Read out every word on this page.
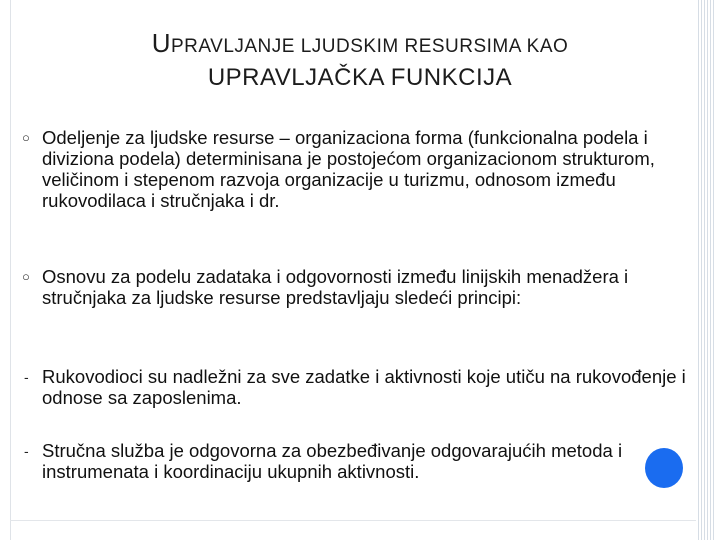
UPRAVLJANJE LJUDSKIM RESURSIMA KAO
UPRAVLJAČKA FUNKCIJA
○ Odeljenje za ljudske resurse – organizaciona forma (funkcionalna podela i diviziona podela) determinisana je postojećom organizacionom strukturom, veličinom i stepenom razvoja organizacije u turizmu, odnosom između rukovodilaca i stručnjaka i dr.
○ Osnovu za podelu zadataka i odgovornosti između linijskih menadžera i stručnjaka za ljudske resurse predstavljaju sledeći principi:
- Rukovodioci su nadležni za sve zadatke i aktivnosti koje utiču na rukovođenje i odnose sa zaposlenima.
- Stručna služba je odgovorna za obezbeđivanje odgovarajućih metoda i instrumenata i koordinaciju ukupnih aktivnosti.
